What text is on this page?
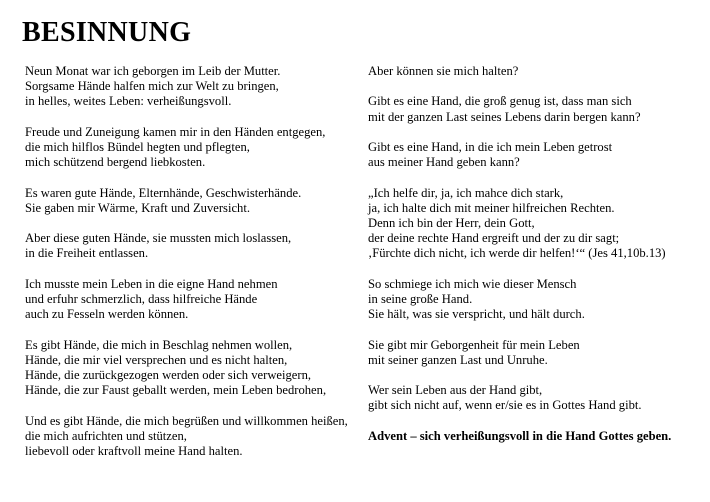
BESINNUNG
Neun Monat war ich geborgen im Leib der Mutter.
Sorgsame Hände halfen mich zur Welt zu bringen,
in helles, weites Leben: verheißungsvoll.
Freude und Zuneigung kamen mir in den Händen entgegen,
die mich hilflos Bündel hegten und pflegten,
mich schützend bergend liebkosten.
Es waren gute Hände, Elternhände, Geschwisterhände.
Sie gaben mir Wärme, Kraft und Zuversicht.
Aber diese guten Hände, sie mussten mich loslassen,
in die Freiheit entlassen.
Ich musste mein Leben in die eigne Hand nehmen
und erfuhr schmerzlich, dass hilfreiche Hände
auch zu Fesseln werden können.
Es gibt Hände, die mich in Beschlag nehmen wollen,
Hände, die mir viel versprechen und es nicht halten,
Hände, die zurückgezogen werden oder sich verweigern,
Hände, die zur Faust geballt werden, mein Leben bedrohen,
Und es gibt Hände, die mich begrüßen und willkommen heißen,
die mich aufrichten und stützen,
liebevoll oder kraftvoll meine Hand halten.
Aber können sie mich halten?
Gibt es eine Hand, die groß genug ist, dass man sich
mit der ganzen Last seines Lebens darin bergen kann?
Gibt es eine Hand, in die ich mein Leben getrost
aus meiner Hand geben kann?
„Ich helfe dir, ja, ich mahce dich stark,
ja, ich halte dich mit meiner hilfreichen Rechten.
Denn ich bin der Herr, dein Gott,
der deine rechte Hand ergreift und der zu dir sagt;
‚Fürchte dich nicht, ich werde dir helfen!‘“ (Jes 41,10b.13)
So schmiege ich mich wie dieser Mensch
in seine große Hand.
Sie hält, was sie verspricht, und hält durch.
Sie gibt mir Geborgenheit für mein Leben
mit seiner ganzen Last und Unruhe.
Wer sein Leben aus der Hand gibt,
gibt sich nicht auf, wenn er/sie es in Gottes Hand gibt.
Advent – sich verheißungsvoll in die Hand Gottes geben.
